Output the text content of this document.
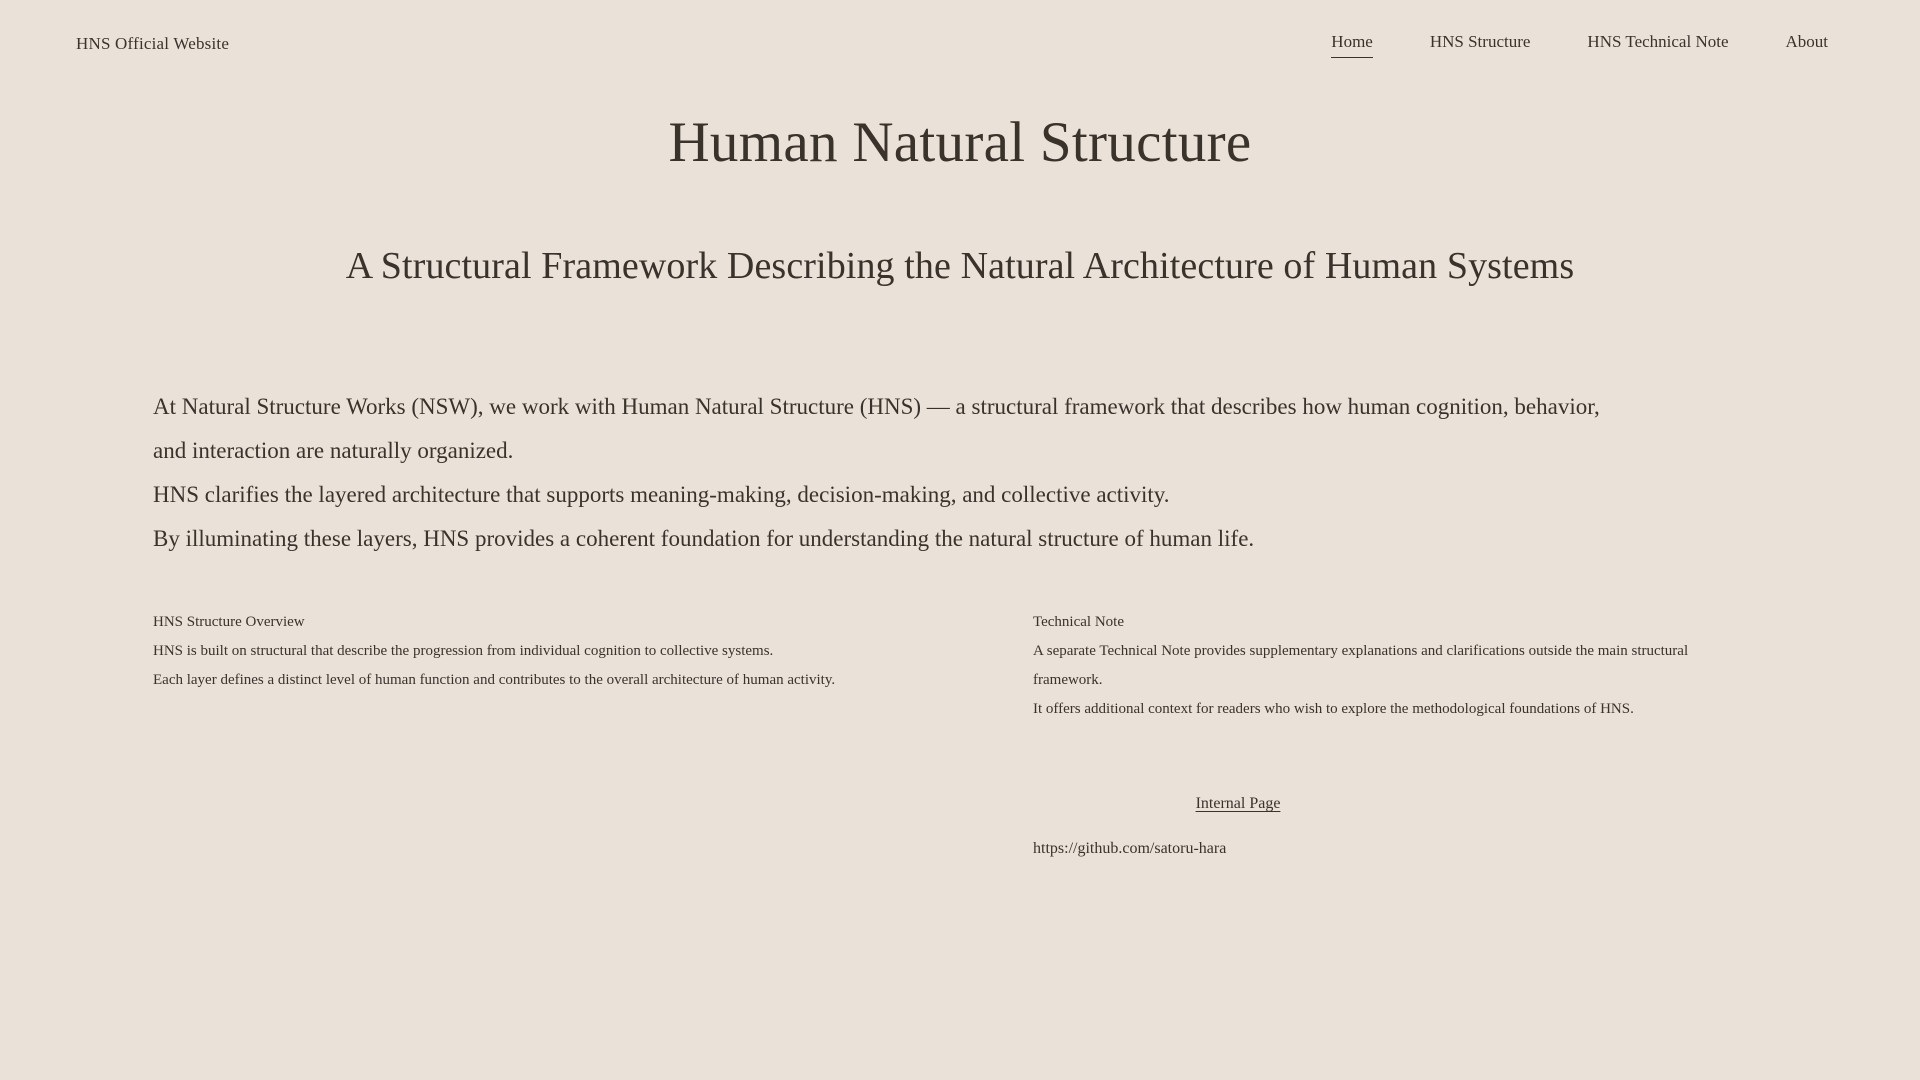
HNS Official Website	Home	HNS Structure	HNS Technical Note	About
Human Natural Structure
A Structural Framework Describing the Natural Architecture of Human Systems

At Natural Structure Works (NSW), we work with Human Natural Structure (HNS) — a structural framework that describes how human cognition, behavior,

and interaction are naturally organized.

HNS clarifies the layered architecture that supports meaning-making, decision-making, and collective activity.

By illuminating these layers, HNS provides a coherent foundation for understanding the natural structure of human life.

HNS Structure Overview
HNS is built on structural that describe the progression from individual cognition to collective systems.
Each layer defines a distinct level of human function and contributes to the overall architecture of human activity.
Technical Note
A separate Technical Note provides supplementary explanations and clarifications outside the main structural
framework.
It offers additional context for readers who wish to explore the methodological foundations of HNS.
Internal Page
https://github.com/satoru-hara
